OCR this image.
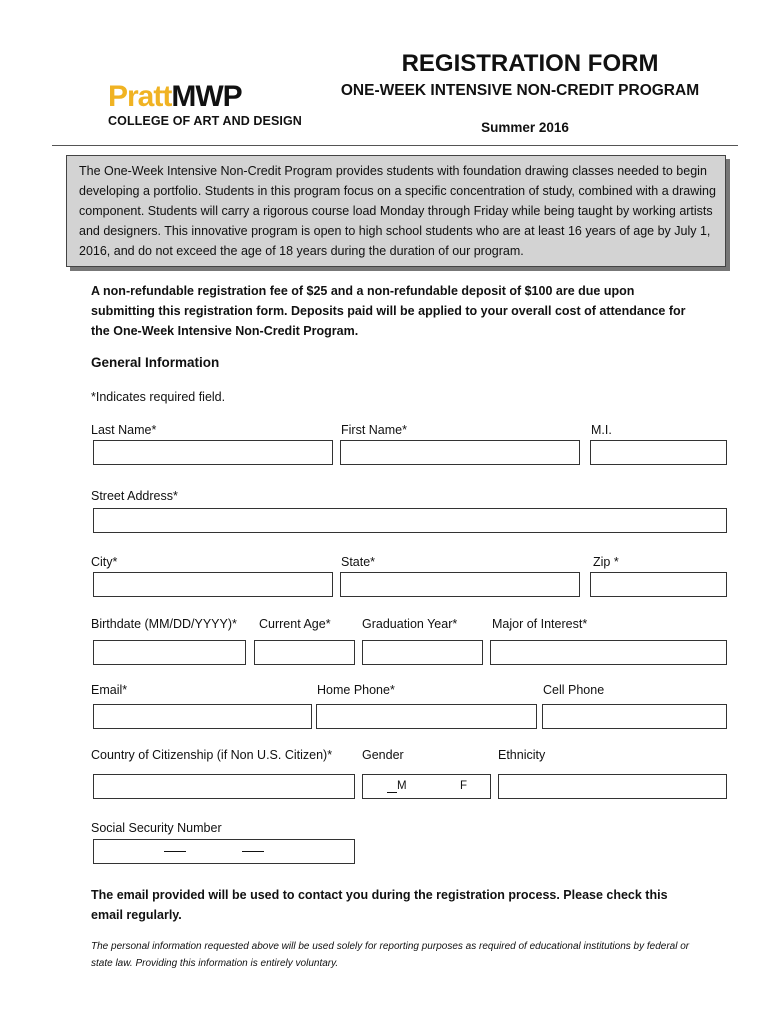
PrattMWP
COLLEGE OF ART AND DESIGN
REGISTRATION FORM
ONE-WEEK INTENSIVE NON-CREDIT PROGRAM
Summer 2016
The One-Week Intensive Non-Credit Program provides students with foundation drawing classes needed to begin developing a portfolio. Students in this program focus on a specific concentration of study, combined with a drawing component. Students will carry a rigorous course load Monday through Friday while being taught by working artists and designers. This innovative program is open to high school students who are at least 16 years of age by July 1, 2016, and do not exceed the age of 18 years during the duration of our program.
A non-refundable registration fee of $25 and a non-refundable deposit of $100 are due upon submitting this registration form. Deposits paid will be applied to your overall cost of attendance for the One-Week Intensive Non-Credit Program.
General Information
*Indicates required field.
Last Name*	First Name*	M.I.
Street Address*
City*	State*	Zip *
Birthdate (MM/DD/YYYY)* Current Age*	Graduation Year*	Major of Interest*
Email*	Home Phone*	Cell Phone
Country of Citizenship (if Non U.S. Citizen)* Gender	Ethnicity
M	F
Social Security Number
The email provided will be used to contact you during the registration process. Please check this email regularly.
The personal information requested above will be used solely for reporting purposes as required of educational institutions by federal or state law. Providing this information is entirely voluntary.
